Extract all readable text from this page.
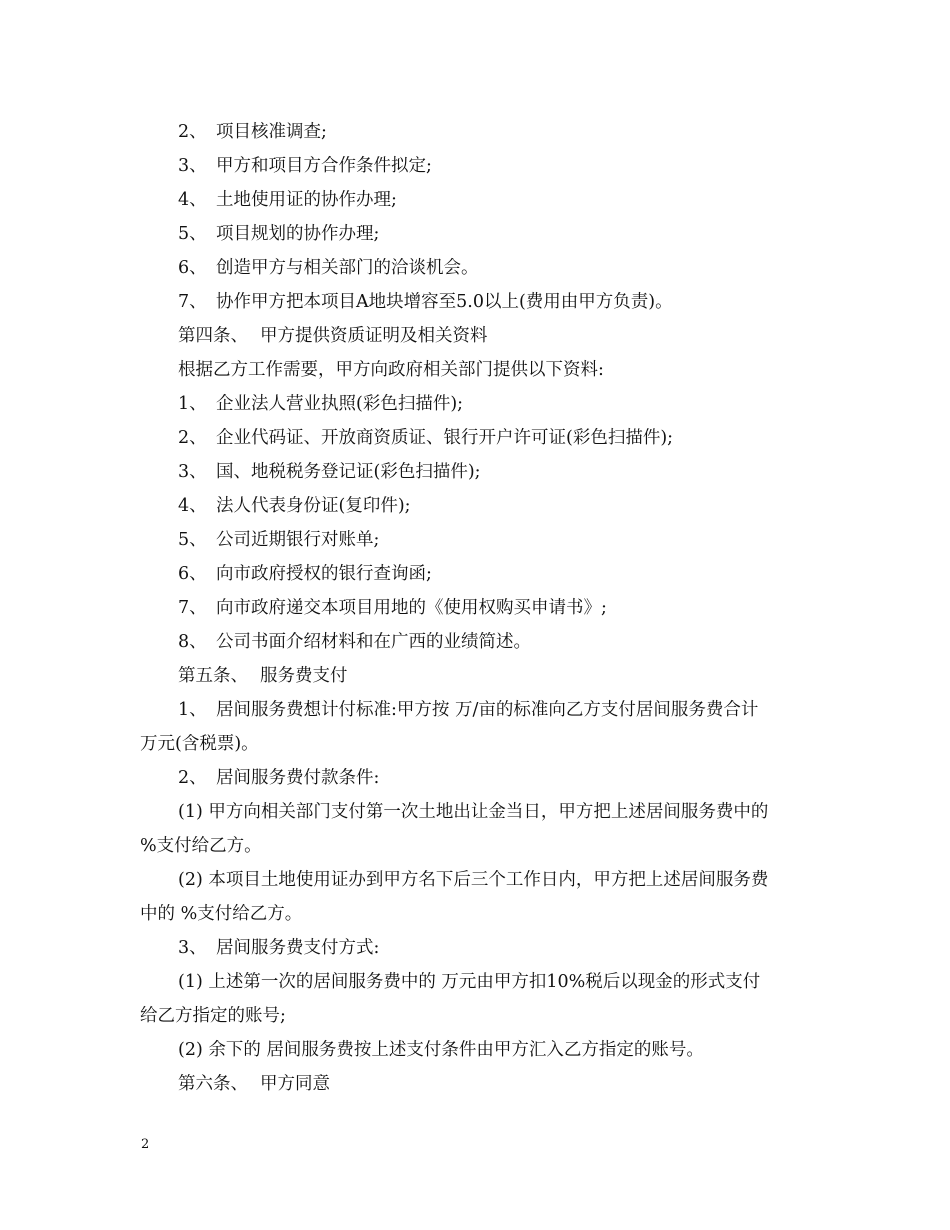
2、 项目核准调查;
3、 甲方和项目方合作条件拟定;
4、 土地使用证的协作办理;
5、 项目规划的协作办理;
6、 创造甲方与相关部门的洽谈机会。
7、 协作甲方把本项目A地块增容至5.0以上(费用由甲方负责)。
第四条、 甲方提供资质证明及相关资料
根据乙方工作需要，甲方向政府相关部门提供以下资料:
1、 企业法人营业执照(彩色扫描件);
2、 企业代码证、开放商资质证、银行开户许可证(彩色扫描件);
3、 国、地税税务登记证(彩色扫描件);
4、 法人代表身份证(复印件);
5、 公司近期银行对账单;
6、 向市政府授权的银行查询函;
7、 向市政府递交本项目用地的《使用权购买申请书》;
8、 公司书面介绍材料和在广西的业绩简述。
第五条、 服务费支付
1、 居间服务费想计付标准:甲方按 万/亩的标准向乙方支付居间服务费合计
万元(含税票)。
2、 居间服务费付款条件:
(1) 甲方向相关部门支付第一次土地出让金当日，甲方把上述居间服务费中的
%支付给乙方。
(2) 本项目土地使用证办到甲方名下后三个工作日内，甲方把上述居间服务费
中的 %支付给乙方。
3、 居间服务费支付方式:
(1) 上述第一次的居间服务费中的 万元由甲方扣10%税后以现金的形式支付
给乙方指定的账号;
(2) 余下的 居间服务费按上述支付条件由甲方汇入乙方指定的账号。
第六条、 甲方同意
2
